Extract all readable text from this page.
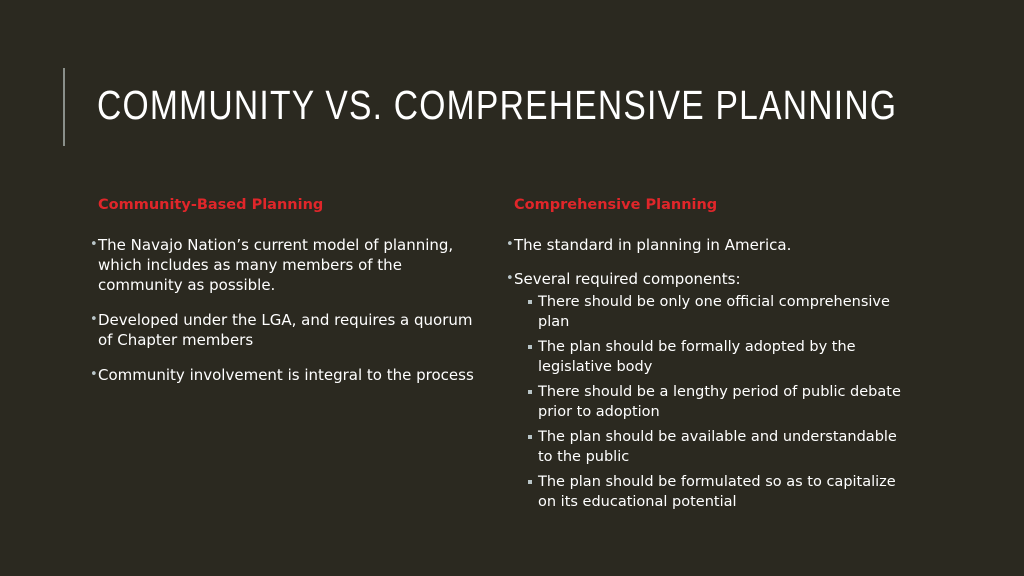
COMMUNITY VS. COMPREHENSIVE PLANNING
Community-Based Planning
• The Navajo Nation’s current model of planning, which includes as many members of the community as possible.
• Developed under the LGA, and requires a quorum of Chapter members
• Community involvement is integral to the process
Comprehensive Planning
• The standard in planning in America.
• Several required components:
There should be only one official comprehensive plan
The plan should be formally adopted by the legislative body
There should be a lengthy period of public debate prior to adoption
The plan should be available and understandable to the public
The plan should be formulated so as to capitalize on its educational potential
